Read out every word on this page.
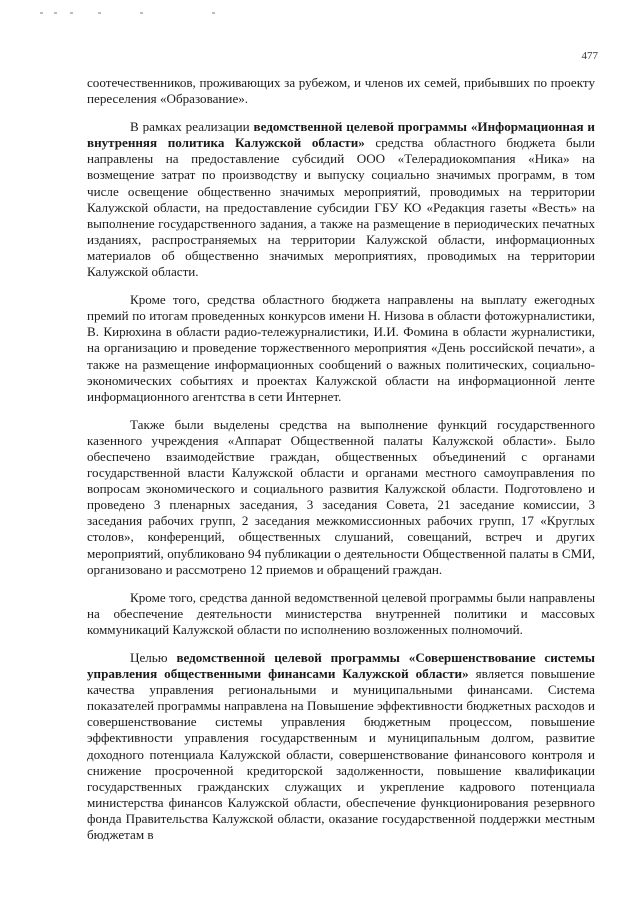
477

соотечественников, проживающих за рубежом, и членов их семей, прибывших по проекту переселения «Образование».

В рамках реализации ведомственной целевой программы «Информационная и внутренняя политика Калужской области» средства областного бюджета были направлены на предоставление субсидий ООО «Телерадиокомпания «Ника» на возмещение затрат по производству и выпуску социально значимых программ, в том числе освещение общественно значимых мероприятий, проводимых на территории Калужской области, на предоставление субсидии ГБУ КО «Редакция газеты «Весть» на выполнение государственного задания, а также на размещение в периодических печатных изданиях, распространяемых на территории Калужской области, информационных материалов об общественно значимых мероприятиях, проводимых на территории Калужской области.

Кроме того, средства областного бюджета направлены на выплату ежегодных премий по итогам проведенных конкурсов имени Н. Низова в области фотожурналистики, В. Кирюхина в области радио-тележурналистики, И.И. Фомина в области журналистики, на организацию и проведение торжественного мероприятия «День российской печати», а также на размещение информационных сообщений о важных политических, социально-экономических событиях и проектах Калужской области на информационной ленте информационного агентства в сети Интернет.

Также были выделены средства на выполнение функций государственного казенного учреждения «Аппарат Общественной палаты Калужской области». Было обеспечено взаимодействие граждан, общественных объединений с органами государственной власти Калужской области и органами местного самоуправления по вопросам экономического и социального развития Калужской области. Подготовлено и проведено 3 пленарных заседания, 3 заседания Совета, 21 заседание комиссии, 3 заседания рабочих групп, 2 заседания межкомиссионных рабочих групп, 17 «Круглых столов», конференций, общественных слушаний, совещаний, встреч и других мероприятий, опубликовано 94 публикации о деятельности Общественной палаты в СМИ, организовано и рассмотрено 12 приемов и обращений граждан.

Кроме того, средства данной ведомственной целевой программы были направлены на обеспечение деятельности министерства внутренней политики и массовых коммуникаций Калужской области по исполнению возложенных полномочий.

Целью ведомственной целевой программы «Совершенствование системы управления общественными финансами Калужской области» является повышение качества управления региональными и муниципальными финансами. Система показателей программы направлена на Повышение эффективности бюджетных расходов и совершенствование системы управления бюджетным процессом, повышение эффективности управления государственным и муниципальным долгом, развитие доходного потенциала Калужской области, совершенствование финансового контроля и снижение просроченной кредиторской задолженности, повышение квалификации государственных гражданских служащих и укрепление кадрового потенциала министерства финансов Калужской области, обеспечение функционирования резервного фонда Правительства Калужской области, оказание государственной поддержки местным бюджетам в
